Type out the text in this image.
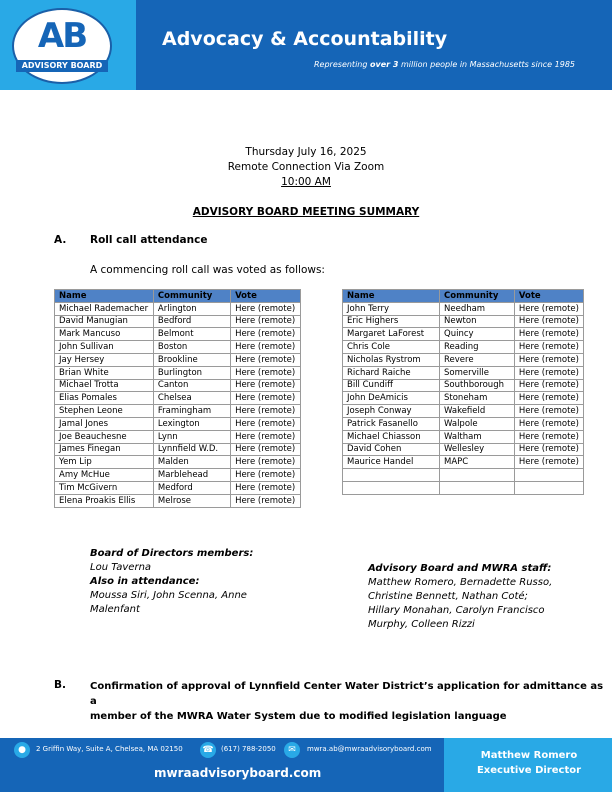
AB
ADVISORY BOARD
Advocacy & Accountability
Representing over 3 million people in Massachusetts since 1985
Thursday July 16, 2025
Remote Connection Via Zoom
10:00 AM
ADVISORY BOARD MEETING SUMMARY
A. Roll call attendance
A commencing roll call was voted as follows:
Name	Community	Vote
Michael Rademacher	Arlington	Here (remote)
David Manugian	Bedford	Here (remote)
Mark Mancuso	Belmont	Here (remote)
John Sullivan	Boston	Here (remote)
Jay Hersey	Brookline	Here (remote)
Brian White	Burlington	Here (remote)
Michael Trotta	Canton	Here (remote)
Elias Pomales	Chelsea	Here (remote)
Stephen Leone	Framingham	Here (remote)
Jamal Jones	Lexington	Here (remote)
Joe Beauchesne	Lynn	Here (remote)
James Finegan	Lynnfield W.D.	Here (remote)
Yem Lip	Malden	Here (remote)
Amy McHue	Marblehead	Here (remote)
Tim McGivern	Medford	Here (remote)
Elena Proakis Ellis	Melrose	Here (remote)
Name	Community	Vote
John Terry	Needham	Here (remote)
Eric Highers	Newton	Here (remote)
Margaret LaForest	Quincy	Here (remote)
Chris Cole	Reading	Here (remote)
Nicholas Rystrom	Revere	Here (remote)
Richard Raiche	Somerville	Here (remote)
Bill Cundiff	Southborough	Here (remote)
John DeAmicis	Stoneham	Here (remote)
Joseph Conway	Wakefield	Here (remote)
Patrick Fasanello	Walpole	Here (remote)
Michael Chiasson	Waltham	Here (remote)
David Cohen	Wellesley	Here (remote)
Maurice Handel	MAPC	Here (remote)

Board of Directors members:
Lou Taverna
Also in attendance:
Moussa Siri, John Scenna, Anne
Malenfant
Advisory Board and MWRA staff:
Matthew Romero, Bernadette Russo,
Christine Bennett, Nathan Coté;
Hillary Monahan, Carolyn Francisco
Murphy, Colleen Rizzi
B. Confirmation of approval of Lynnfield Center Water District’s application for admittance as a
member of the MWRA Water System due to modified legislation language
●	2 Griffin Way, Suite A, Chelsea, MA 02150 ☎	(617) 788-2050	✉	mwra.ab@mwraadvisoryboard.com
mwraadvisoryboard.com
Matthew Romero
Executive Director
